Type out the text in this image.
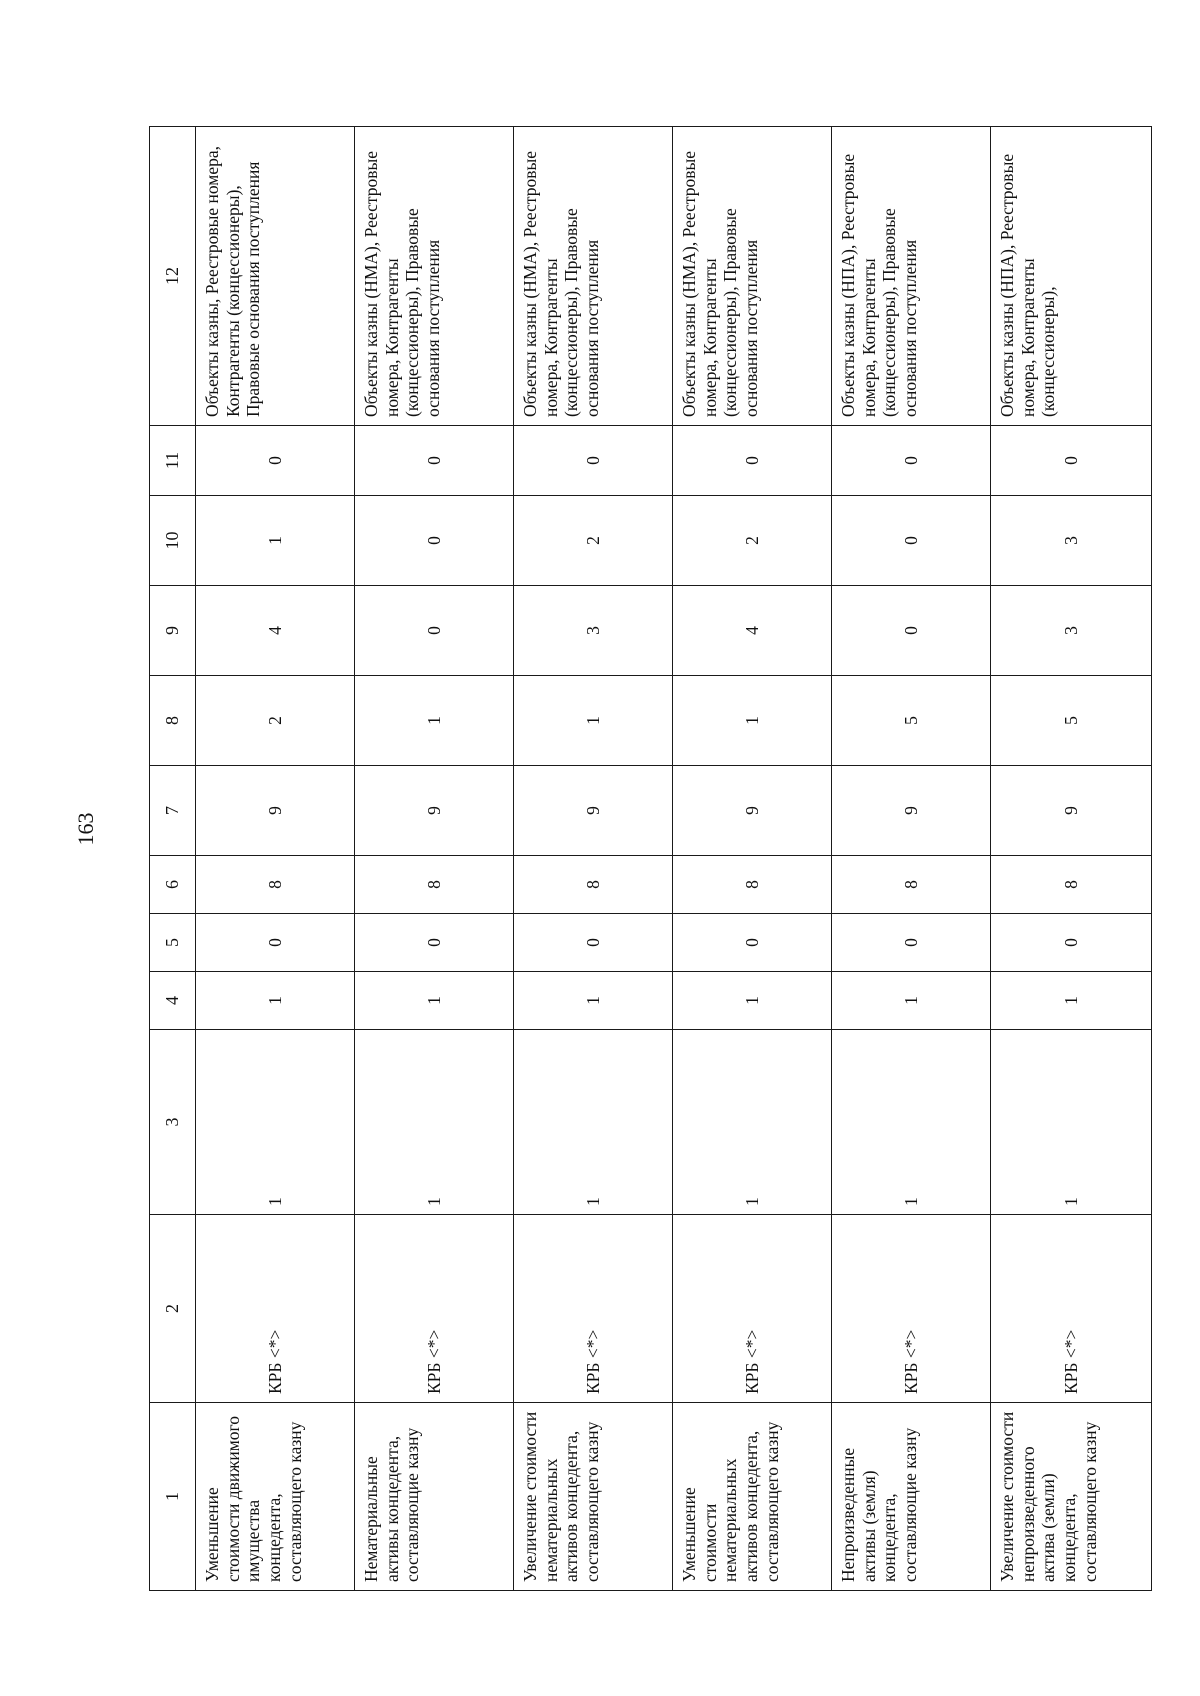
163
1	2	3	4	5	6	7	8	9	10	11	12
Уменьшение стоимости движимого имущества концедента, составляющего казну	КРБ <*>	1	1	0	8	9	2	4	1	0	Объекты казны, Реестровые номера, Контрагенты (концессионеры), Правовые основания поступления
Нематериальные активы концедента, составляющие казну	КРБ <*>	1	1	0	8	9	1	0	0	0	Объекты казны (НМА), Реестровые номера, Контрагенты (концессионеры), Правовые основания поступления
Увеличение стоимости нематериальных активов концедента, составляющего казну	КРБ <*>	1	1	0	8	9	1	3	2	0	Объекты казны (НМА), Реестровые номера, Контрагенты (концессионеры), Правовые основания поступления
Уменьшение стоимости нематериальных активов концедента, составляющего казну	КРБ <*>	1	1	0	8	9	1	4	2	0	Объекты казны (НМА), Реестровые номера, Контрагенты (концессионеры), Правовые основания поступления
Непроизведенные активы (земля) концедента, составляющие казну	КРБ <*>	1	1	0	8	9	5	0	0	0	Объекты казны (НПА), Реестровые номера, Контрагенты (концессионеры), Правовые основания поступления
Увеличение стоимости непроизведенного актива (земли) концедента, составляющего казну	КРБ <*>	1	1	0	8	9	5	3	3	0	Объекты казны (НПА), Реестровые номера, Контрагенты (концессионеры),
